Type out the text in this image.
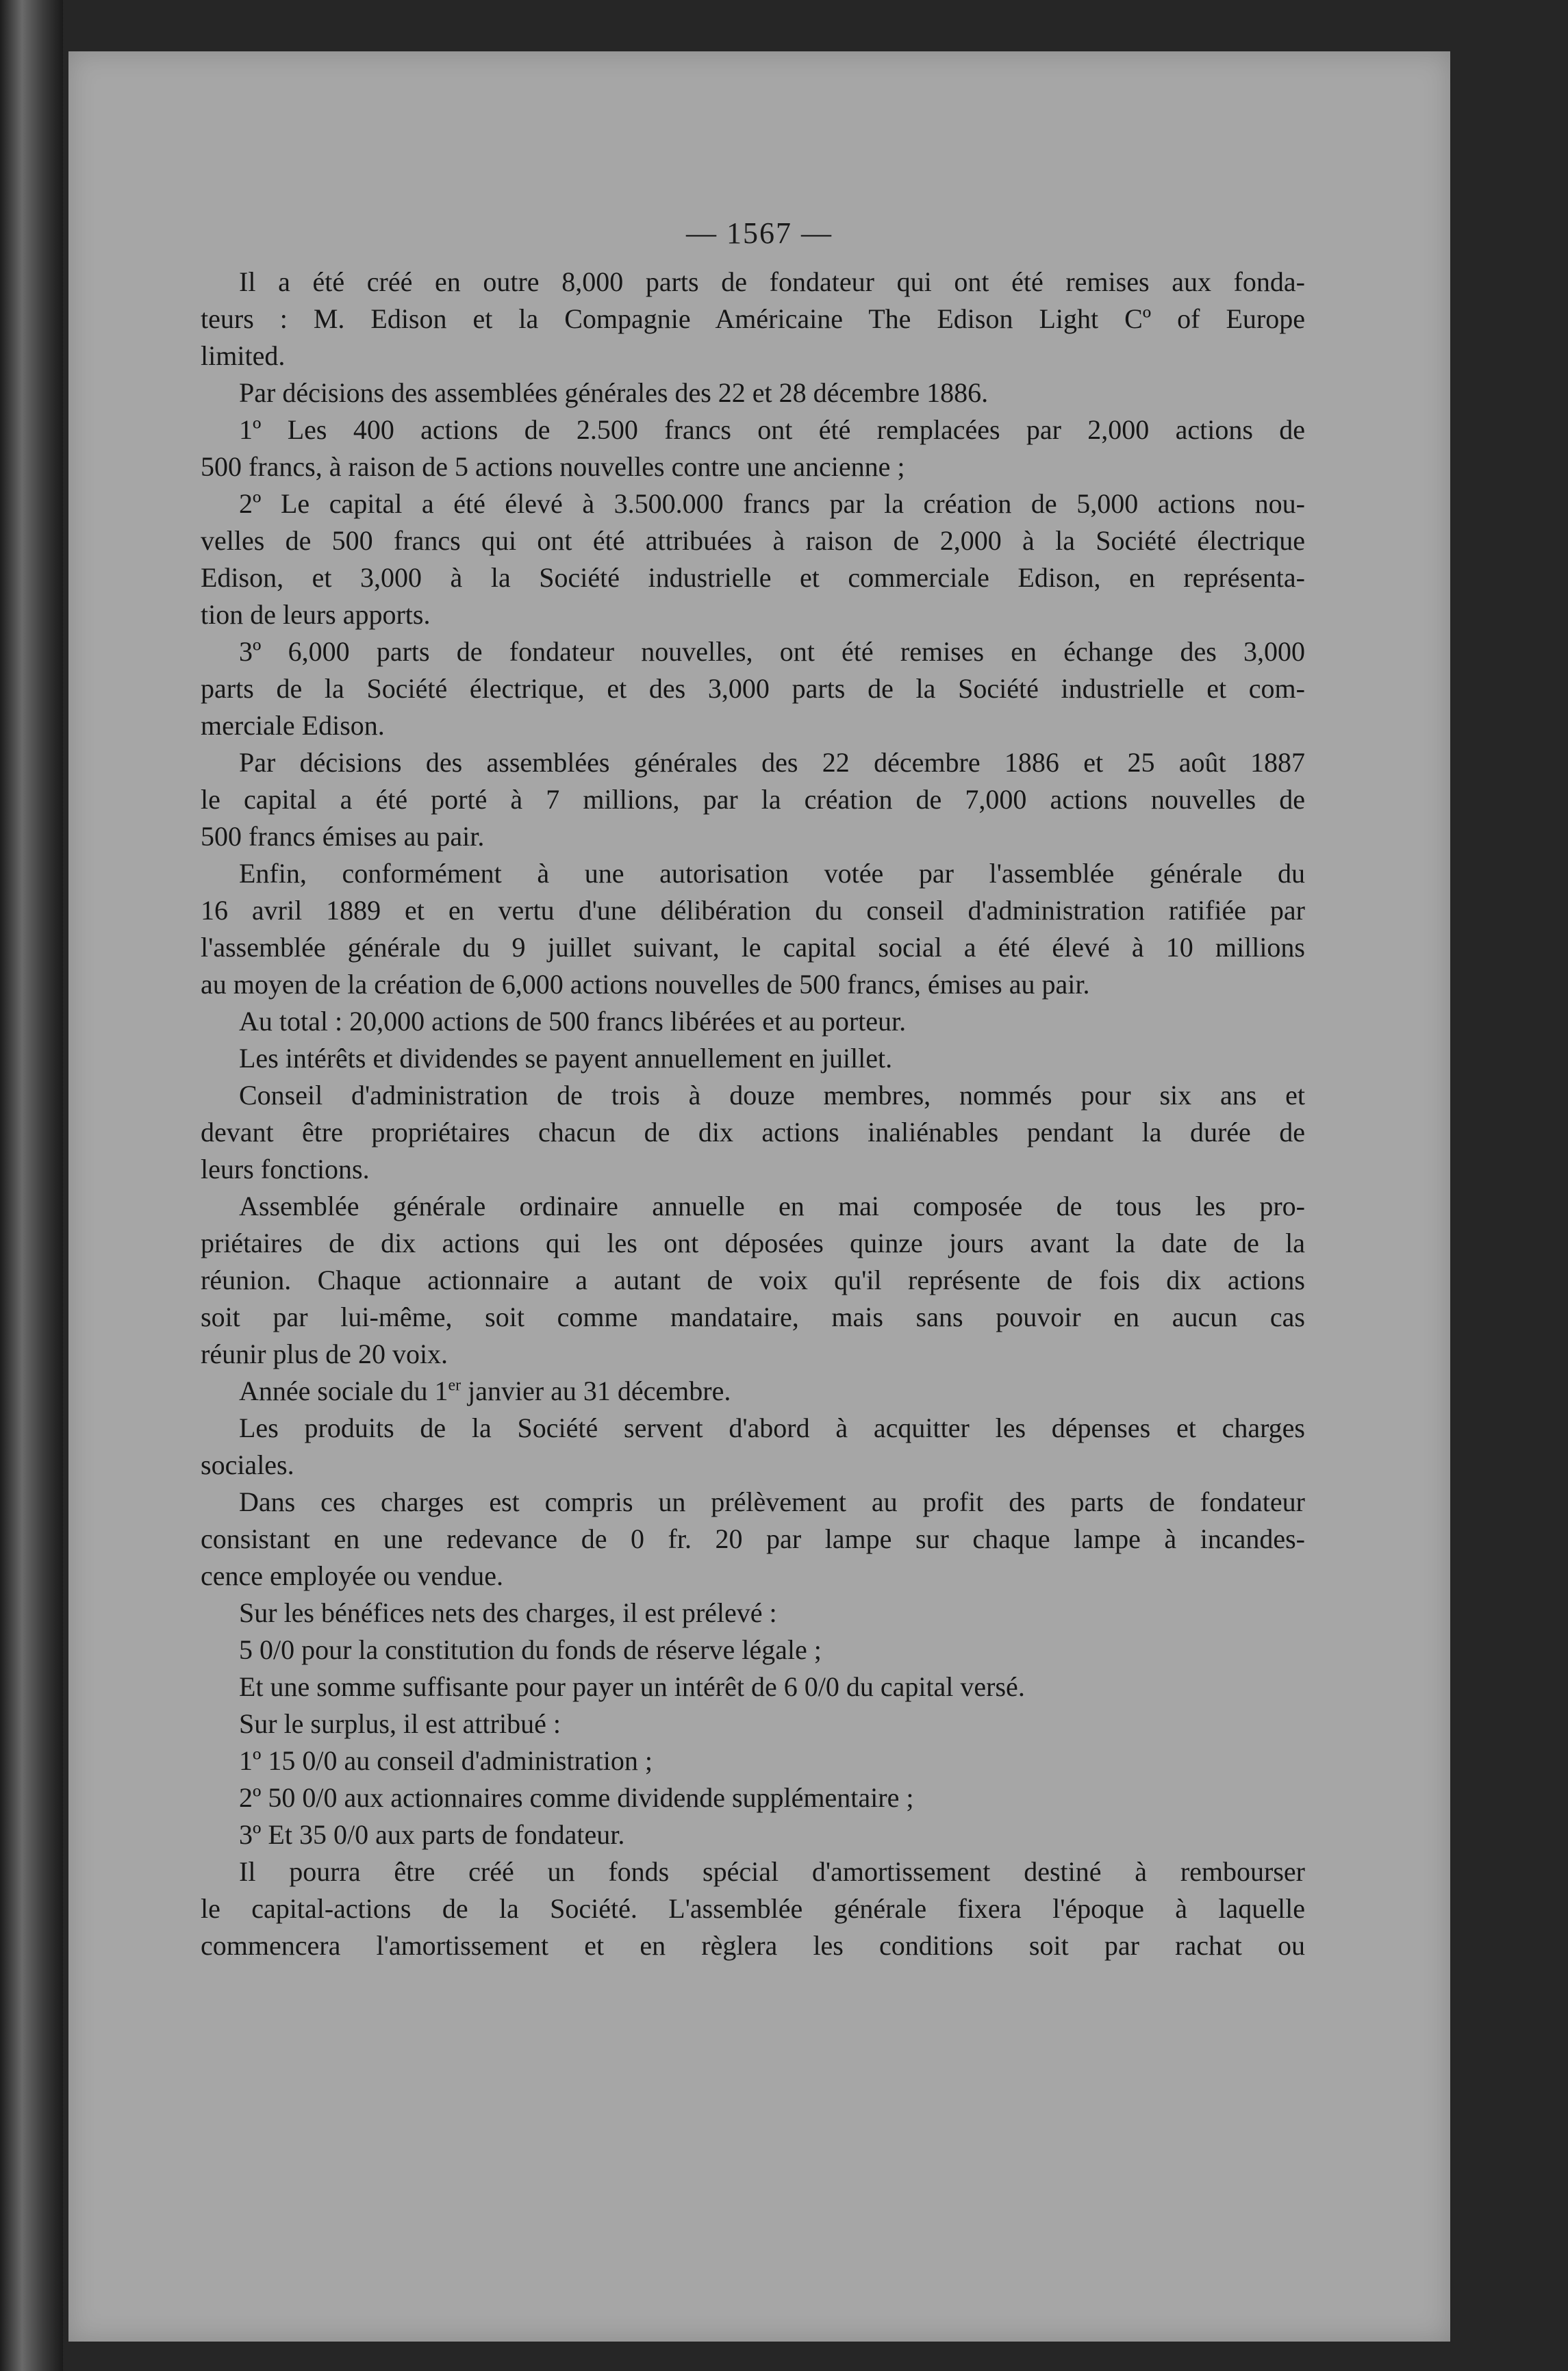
— 1567 —
Il a été créé en outre 8,000 parts de fondateur qui ont été remises aux fonda-
teurs : M. Edison et la Compagnie Américaine The Edison Light Cº of Europe
limited.
Par décisions des assemblées générales des 22 et 28 décembre 1886.
1º Les 400 actions de 2.500 francs ont été remplacées par 2,000 actions de
500 francs, à raison de 5 actions nouvelles contre une ancienne ;
2º Le capital a été élevé à 3.500.000 francs par la création de 5,000 actions nou-
velles de 500 francs qui ont été attribuées à raison de 2,000 à la Société électrique
Edison, et 3,000 à la Société industrielle et commerciale Edison, en représenta-
tion de leurs apports.
3º 6,000 parts de fondateur nouvelles, ont été remises en échange des 3,000
parts de la Société électrique, et des 3,000 parts de la Société industrielle et com-
merciale Edison.
Par décisions des assemblées générales des 22 décembre 1886 et 25 août 1887
le capital a été porté à 7 millions, par la création de 7,000 actions nouvelles de
500 francs émises au pair.
Enfin, conformément à une autorisation votée par l'assemblée générale du
16 avril 1889 et en vertu d'une délibération du conseil d'administration ratifiée par
l'assemblée générale du 9 juillet suivant, le capital social a été élevé à 10 millions
au moyen de la création de 6,000 actions nouvelles de 500 francs, émises au pair.
Au total : 20,000 actions de 500 francs libérées et au porteur.
Les intérêts et dividendes se payent annuellement en juillet.
Conseil d'administration de trois à douze membres, nommés pour six ans et
devant être propriétaires chacun de dix actions inaliénables pendant la durée de
leurs fonctions.
Assemblée générale ordinaire annuelle en mai composée de tous les pro-
priétaires de dix actions qui les ont déposées quinze jours avant la date de la
réunion. Chaque actionnaire a autant de voix qu'il représente de fois dix actions
soit par lui-même, soit comme mandataire, mais sans pouvoir en aucun cas
réunir plus de 20 voix.
Année sociale du 1er janvier au 31 décembre.
Les produits de la Société servent d'abord à acquitter les dépenses et charges
sociales.
Dans ces charges est compris un prélèvement au profit des parts de fondateur
consistant en une redevance de 0 fr. 20 par lampe sur chaque lampe à incandes-
cence employée ou vendue.
Sur les bénéfices nets des charges, il est prélevé :
5 0/0 pour la constitution du fonds de réserve légale ;
Et une somme suffisante pour payer un intérêt de 6 0/0 du capital versé.
Sur le surplus, il est attribué :
1º 15 0/0 au conseil d'administration ;
2º 50 0/0 aux actionnaires comme dividende supplémentaire ;
3º Et 35 0/0 aux parts de fondateur.
Il pourra être créé un fonds spécial d'amortissement destiné à rembourser
le capital-actions de la Société. L'assemblée générale fixera l'époque à laquelle
commencera l'amortissement et en règlera les conditions soit par rachat ou
